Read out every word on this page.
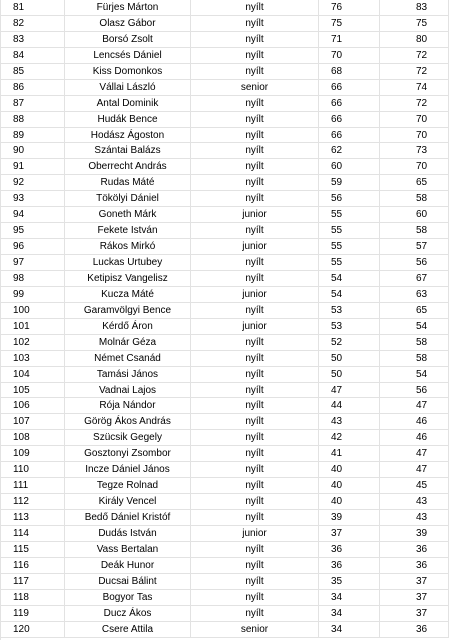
81	Fürjes Márton	nyílt	76	83
82	Olasz Gábor	nyílt	75	75
83	Borsó Zsolt	nyílt	71	80
84	Lencsés Dániel	nyílt	70	72
85	Kiss Domonkos	nyílt	68	72
86	Vállai László	senior	66	74
87	Antal Dominik	nyílt	66	72
88	Hudák Bence	nyílt	66	70
89	Hodász Ágoston	nyílt	66	70
90	Szántai Balázs	nyílt	62	73
91	Oberrecht András	nyílt	60	70
92	Rudas Máté	nyílt	59	65
93	Tökölyi Dániel	nyílt	56	58
94	Goneth Márk	junior	55	60
95	Fekete István	nyílt	55	58
96	Rákos Mirkó	junior	55	57
97	Luckas Urtubey	nyílt	55	56
98	Ketipisz Vangelisz	nyílt	54	67
99	Kucza Máté	junior	54	63
100	Garamvölgyi Bence	nyílt	53	65
101	Kérdő Áron	junior	53	54
102	Molnár Géza	nyílt	52	58
103	Német Csanád	nyílt	50	58
104	Tamási János	nyílt	50	54
105	Vadnai Lajos	nyílt	47	56
106	Rója Nándor	nyílt	44	47
107	Görög Ákos András	nyílt	43	46
108	Szücsik Gegely	nyílt	42	46
109	Gosztonyi Zsombor	nyílt	41	47
110	Incze Dániel János	nyílt	40	47
111	Tegze Rolnad	nyílt	40	45
112	Király Vencel	nyílt	40	43
113	Bedő Dániel Kristóf	nyílt	39	43
114	Dudás István	junior	37	39
115	Vass Bertalan	nyílt	36	36
116	Deák Hunor	nyílt	36	36
117	Ducsai Bálint	nyílt	35	37
118	Bogyor Tas	nyílt	34	37
119	Ducz Ákos	nyílt	34	37
120	Csere Attila	senior	34	36
